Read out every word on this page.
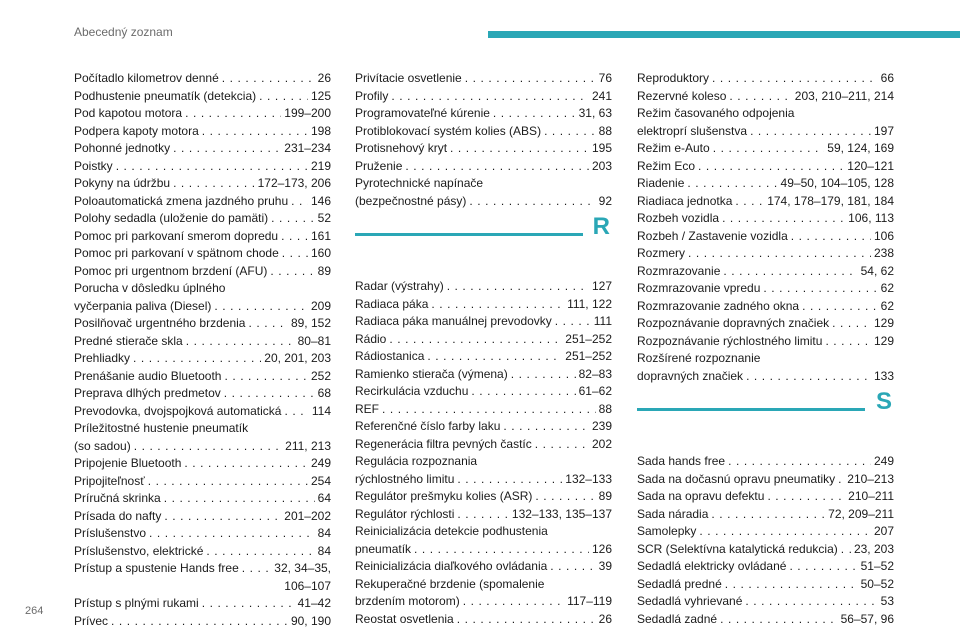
Abecedný zoznam
Počítadlo kilometrov denné . . .	26
Podhustenie pneumatík (detekcia) . . .	125
Pod kapotou motora . . .	199–200
Podpera kapoty motora . . .	198
Pohonné jednotky . . .	231–234
Poistky . . .	219
Pokyny na údržbu . . .	172–173, 206
Poloautomatická zmena jazdného pruhu . . . 146
Polohy sedadla (uloženie do pamäti) . . .	52
Pomoc pri parkovaní smerom dopredu . . .	161
Pomoc pri parkovaní v spätnom chode . . .	160
Pomoc pri urgentnom brzdení (AFU) . . .	89
Porucha v dôsledku úplného
vyčerpania paliva (Diesel) . . .	209
Posilňovač urgentného brzdenia . . .	89, 152
Predné stierače skla . . .	80–81
Prehliadky . . .	20, 201, 203
Prenášanie audio Bluetooth . . .	252
Preprava dlhých predmetov . . .	68
Prevodovka, dvojspojková automatická . . .	114
Príležitostné hustenie pneumatík
(so sadou) . . .	211, 213
Pripojenie Bluetooth . . .	249
Pripojiteľnosť . . .	254
Príručná skrinka . . .	64
Prísada do nafty . . .	201–202
Príslušenstvo . . .	84
Príslušenstvo, elektrické . . .	84
Prístup a spustenie Hands free . . .	32, 34–35,
106–107
Prístup s plnými rukami . . .	41–42
Prívес . . .	90, 190
Privítacie osvetlenie . . .	76
Profily . . .	241
Programovateľné kúrenie . . .	31, 63
Protiblokovací systém kolies (ABS) . . .	88
Protisnehový kryt . . .	195
Pruženie . . .	203
Pyrotechnické napínače
(bezpečnostné pásy) . . .	92
R
Radar (výstrahy) . . .	127
Radiaca páka . . .	111, 122
Radiaca páka manuálnej prevodovky . . .	111
Rádio . . .	251–252
Rádiostanica . . .	251–252
Ramienko stierača (výmena) . . .	82–83
Recirkulácia vzduchu . . .	61–62
REF . . .	88
Referenčné číslo farby laku . . .	239
Regenerácia filtra pevných častíc . . .	202
Regulácia rozpoznania
rýchlostného limitu . . .	132–133
Regulátor prešmyku kolies (ASR) . . .	89
Regulátor rýchlosti . . .	132–133, 135–137
Reinicializácia detekcie podhustenia
pneumatík . . .	126
Reinicializácia diaľkového ovládania . . .	39
Rekuperačné brzdenie (spomalenie
brzdením motorom) . . .	117–119
Reostat osvetlenia . . .	26
Reproduktory . . .	66
Rezervné koleso . . .	203, 210–211, 214
Režim časovaného odpojenia
elektroprí slušenstva . . .	197
Režim e-Auto . . .	59, 124, 169
Režim Eco . . .	120–121
Riadenie . . .	49–50, 104–105, 128
Riadiaca jednotka . . .	174, 178–179, 181, 184
Rozbeh vozidla . . .	106, 113
Rozbeh / Zastavenie vozidla . . .	106
Rozmery . . .	238
Rozmrazovanie . . .	54, 62
Rozmrazovanie vpredu . . .	62
Rozmrazovanie zadného okna . . .	62
Rozpoznávanie dopravných značiek . . .	129
Rozpoznávanie rýchlostného limitu . . .	129
Rozšírené rozpoznanie
dopravných značiek . . .	133
S
Sada hands free . . .	249
Sada na dočasnú opravu pneumatiky . . . 210–213
Sada na opravu defektu . . .	210–211
Sada náradia . . .	72, 209–211
Samolepky . . .	207
SCR (Selektívna katalytická redukcia) . . . 23, 203
Sedadlá elektricky ovládané . . .	51–52
Sedadlá predné . . .	50–52
Sedadlá vyhrievané . . .	53
Sedadlá zadné . . .	56–57, 96
264
